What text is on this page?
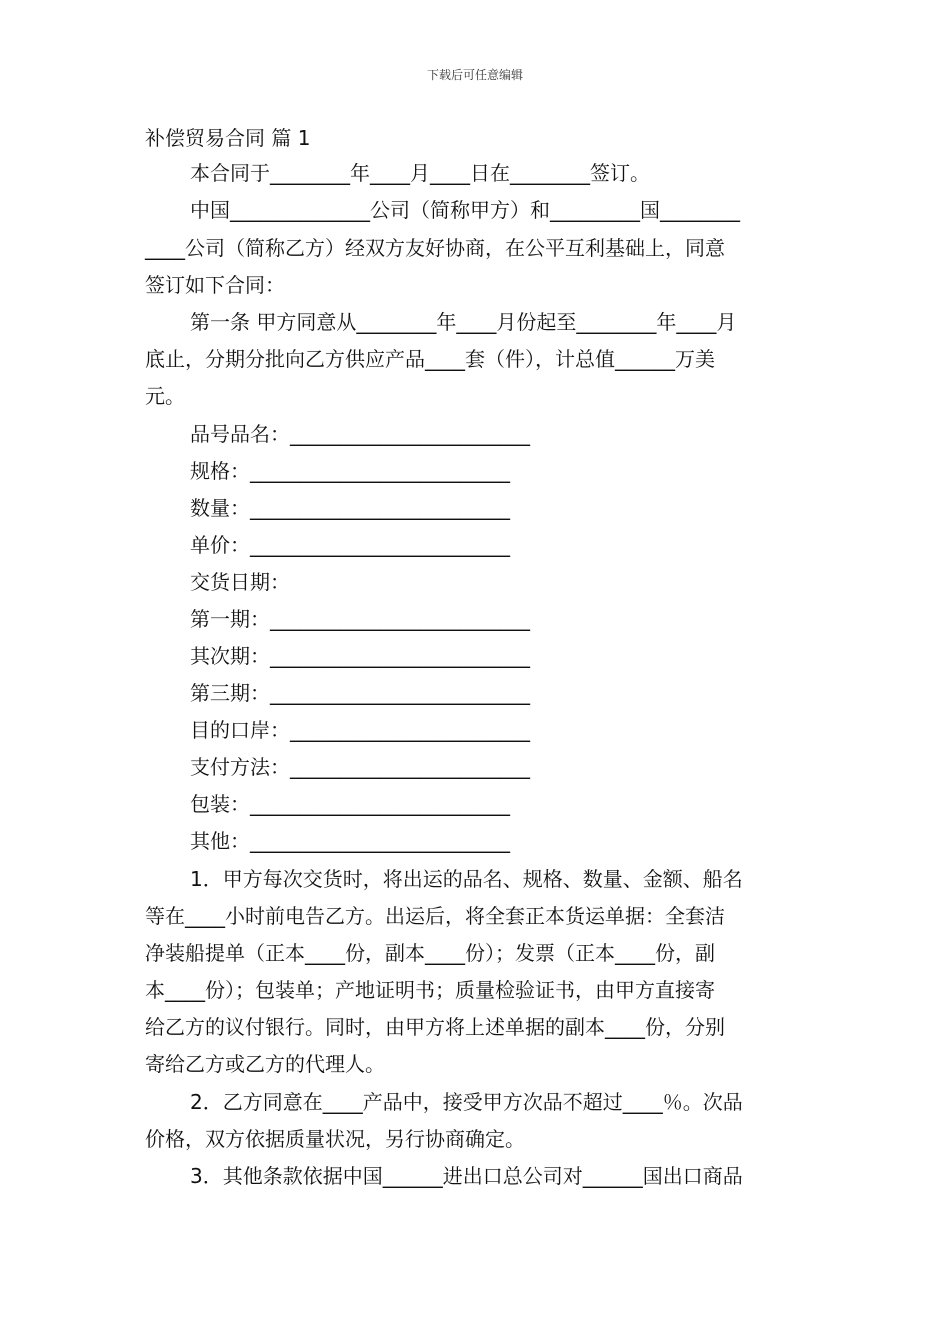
下载后可任意编辑
补偿贸易合同 篇 1
本合同于________年____月____日在________签订。
中国______________公司（简称甲方）和_________国________
____公司（简称乙方）经双方友好协商，在公平互利基础上，同意
签订如下合同：
第一条 甲方同意从________年____月份起至________年____月
底止，分期分批向乙方供应产品____套（件），计总值______万美
元。
品号品名：________________________
规格：__________________________
数量：__________________________
单价：__________________________
交货日期：
第一期：__________________________
其次期：__________________________
第三期：__________________________
目的口岸：________________________
支付方法：________________________
包装：__________________________
其他：__________________________
1．甲方每次交货时，将出运的品名、规格、数量、金额、船名
等在____小时前电告乙方。出运后，将全套正本货运单据：全套洁
净装船提单（正本____份，副本____份）；发票（正本____份，副
本____份）；包装单；产地证明书；质量检验证书，由甲方直接寄
给乙方的议付银行。同时，由甲方将上述单据的副本____份，分别
寄给乙方或乙方的代理人。
2．乙方同意在____产品中，接受甲方次品不超过____％。次品
价格，双方依据质量状况，另行协商确定。
3．其他条款依据中国______进出口总公司对______国出口商品
